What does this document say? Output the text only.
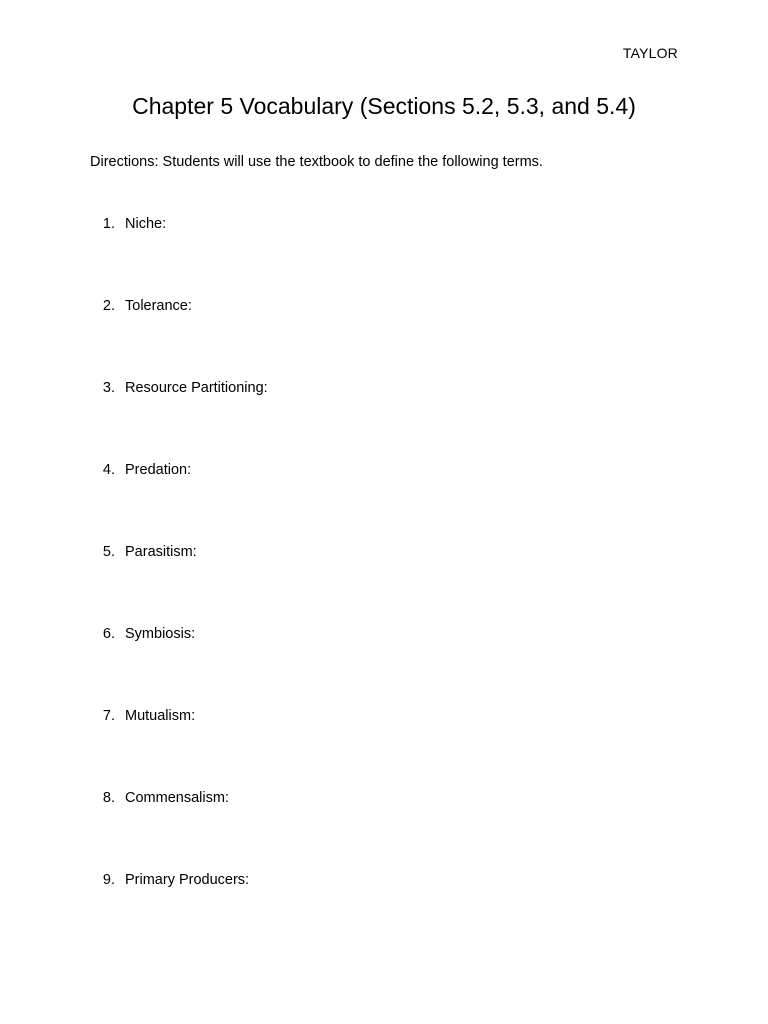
TAYLOR
Chapter 5 Vocabulary (Sections 5.2, 5.3, and 5.4)

Directions: Students will use the textbook to define the following terms.

1. Niche:
2. Tolerance:
3. Resource Partitioning:
4. Predation:
5. Parasitism:
6. Symbiosis:
7. Mutualism:
8. Commensalism:
9. Primary Producers:
